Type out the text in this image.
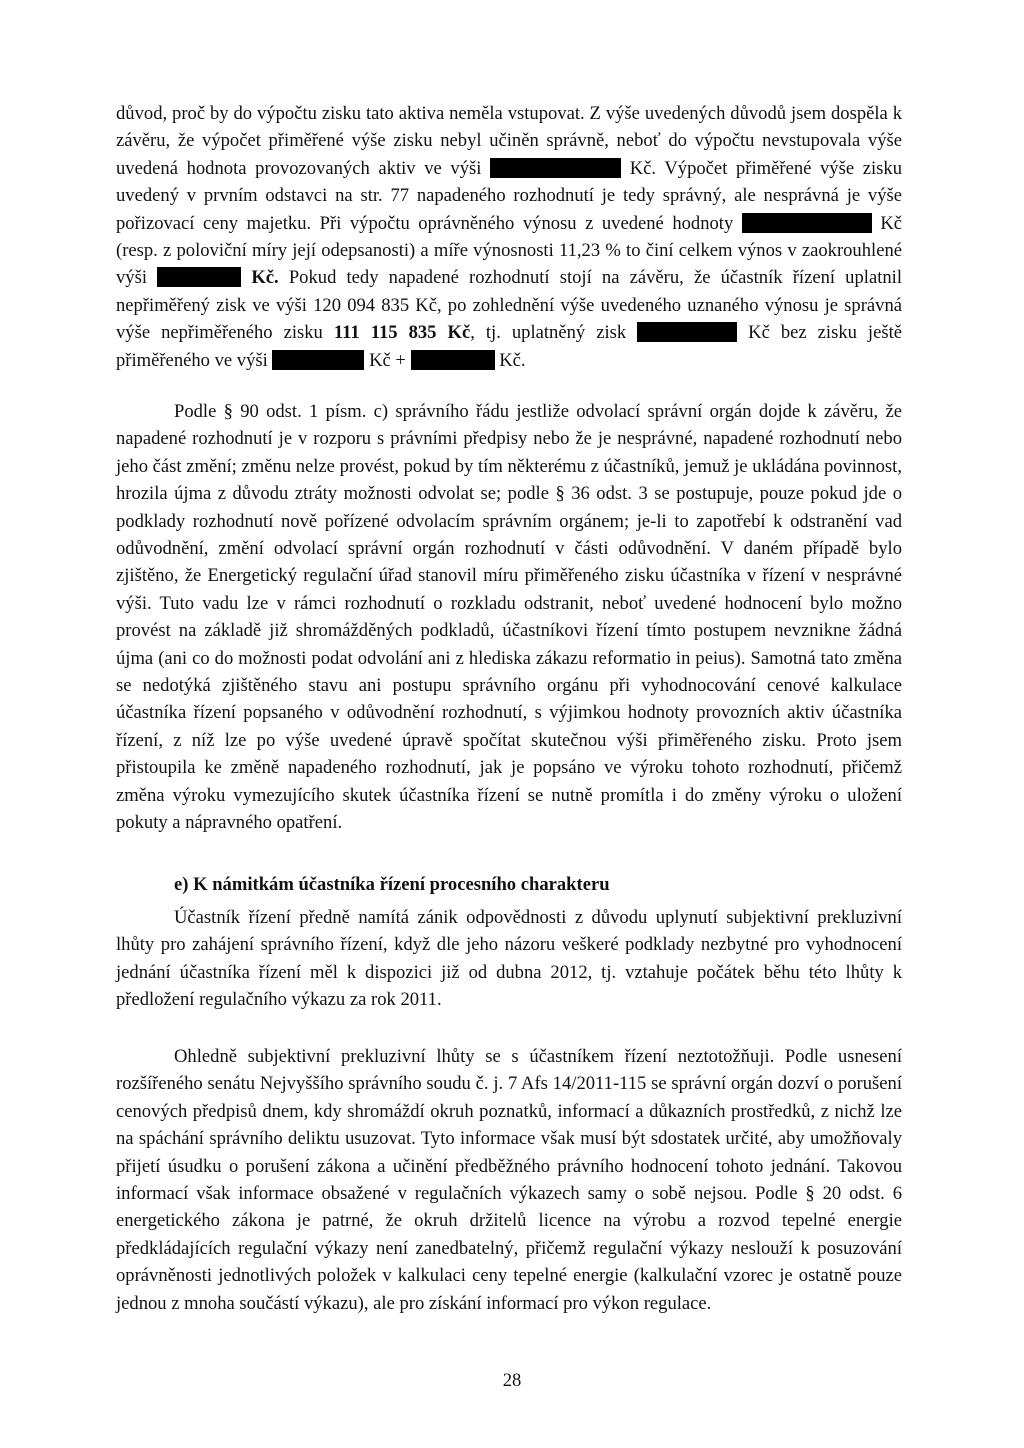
důvod, proč by do výpočtu zisku tato aktiva neměla vstupovat. Z výše uvedených důvodů jsem dospěla k závěru, že výpočet přiměřené výše zisku nebyl učiněn správně, neboť do výpočtu nevstupovala výše uvedená hodnota provozovaných aktiv ve výši	Kč. Výpočet přiměřené výše zisku uvedený v prvním odstavci na str. 77 napadeného rozhodnutí je tedy správný, ale nesprávná je výše pořizovací ceny majetku. Při výpočtu oprávněného výnosu z uvedené hodnoty	Kč (resp. z poloviční míry její odepsanosti) a míře výnosnosti 11,23 % to činí celkem výnos v zaokrouhlené výši	Kč. Pokud tedy napadené rozhodnutí stojí na závěru, že účastník řízení uplatnil nepřiměřený zisk ve výši 120 094 835 Kč, po zohlednění výše uvedeného uznaného výnosu je správná výše nepřiměřeného zisku 111 115 835 Kč, tj. uplatněný zisk	Kč bez zisku ještě přiměřeného ve výši	Kč +	Kč.

Podle § 90 odst. 1 písm. c) správního řádu jestliže odvolací správní orgán dojde k závěru, že napadené rozhodnutí je v rozporu s právními předpisy nebo že je nesprávné, napadené rozhodnutí nebo jeho část změní; změnu nelze provést, pokud by tím některému z účastníků, jemuž je ukládána povinnost, hrozila újma z důvodu ztráty možnosti odvolat se; podle § 36 odst. 3 se postupuje, pouze pokud jde o podklady rozhodnutí nově pořízené odvolacím správním orgánem; je-li to zapotřebí k odstranění vad odůvodnění, změní odvolací správní orgán rozhodnutí v části odůvodnění. V daném případě bylo zjištěno, že Energetický regulační úřad stanovil míru přiměřeného zisku účastníka v řízení v nesprávné výši. Tuto vadu lze v rámci rozhodnutí o rozkladu odstranit, neboť uvedené hodnocení bylo možno provést na základě již shromážděných podkladů, účastníkovi řízení tímto postupem nevznikne žádná újma (ani co do možnosti podat odvolání ani z hlediska zákazu reformatio in peius). Samotná tato změna se nedotýká zjištěného stavu ani postupu správního orgánu při vyhodnocování cenové kalkulace účastníka řízení popsaného v odůvodnění rozhodnutí, s výjimkou hodnoty provozních aktiv účastníka řízení, z níž lze po výše uvedené úpravě spočítat skutečnou výši přiměřeného zisku. Proto jsem přistoupila ke změně napadeného rozhodnutí, jak je popsáno ve výroku tohoto rozhodnutí, přičemž změna výroku vymezujícího skutek účastníka řízení se nutně promítla i do změny výroku o uložení pokuty a nápravného opatření.

e) K námitkám účastníka řízení procesního charakteru

Účastník řízení předně namítá zánik odpovědnosti z důvodu uplynutí subjektivní prekluzivní lhůty pro zahájení správního řízení, když dle jeho názoru veškeré podklady nezbytné pro vyhodnocení jednání účastníka řízení měl k dispozici již od dubna 2012, tj. vztahuje počátek běhu této lhůty k předložení regulačního výkazu za rok 2011.

Ohledně subjektivní prekluzivní lhůty se s účastníkem řízení neztotožňuji. Podle usnesení rozšířeného senátu Nejvyššího správního soudu č. j. 7 Afs 14/2011-115 se správní orgán dozví o porušení cenových předpisů dnem, kdy shromáždí okruh poznatků, informací a důkazních prostředků, z nichž lze na spáchání správního deliktu usuzovat. Tyto informace však musí být sdostatek určité, aby umožňovaly přijetí úsudku o porušení zákona a učinění předběžného právního hodnocení tohoto jednání. Takovou informací však informace obsažené v regulačních výkazech samy o sobě nejsou. Podle § 20 odst. 6 energetického zákona je patrné, že okruh držitelů licence na výrobu a rozvod tepelné energie předkládajících regulační výkazy není zanedbatelný, přičemž regulační výkazy neslouží k posuzování oprávněnosti jednotlivých položek v kalkulaci ceny tepelné energie (kalkulační vzorec je ostatně pouze jednou z mnoha součástí výkazu), ale pro získání informací pro výkon regulace.

28
